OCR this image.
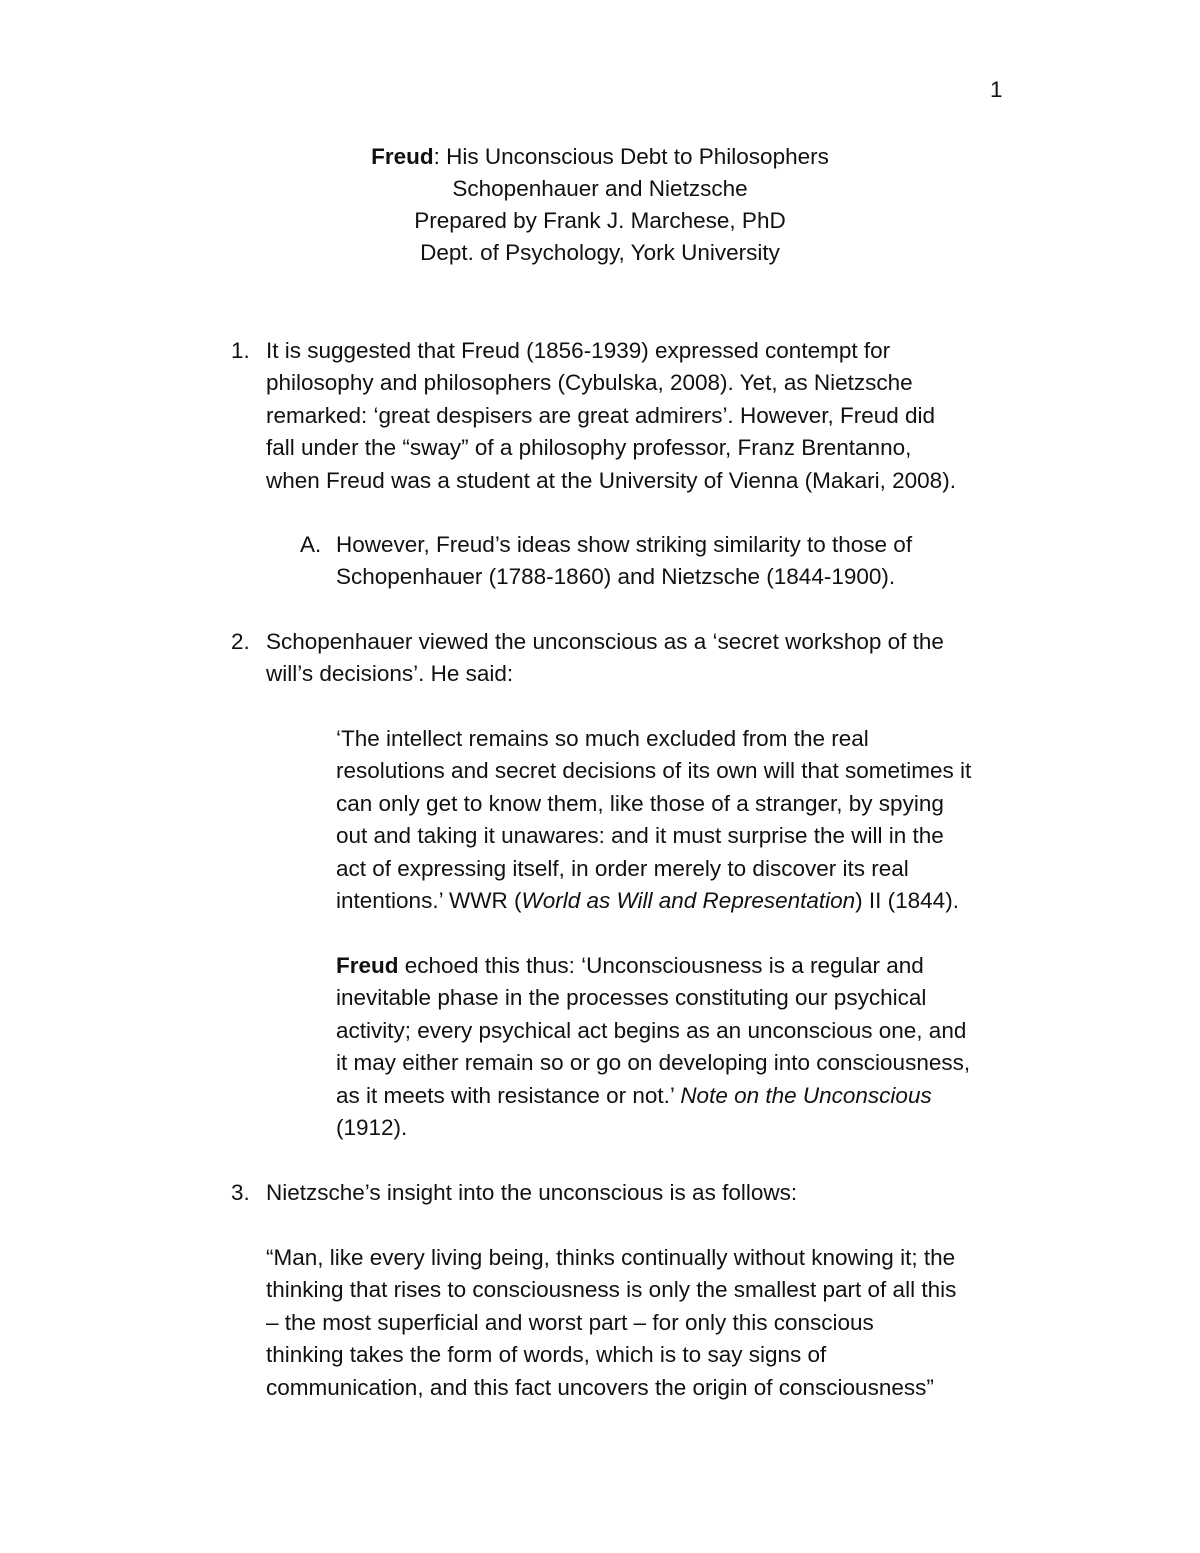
1
Freud: His Unconscious Debt to Philosophers
Schopenhauer and Nietzsche
Prepared by Frank J. Marchese, PhD
Dept. of Psychology, York University
1. It is suggested that Freud (1856-1939) expressed contempt for
philosophy and philosophers (Cybulska, 2008). Yet, as Nietzsche
remarked: ‘great despisers are great admirers’. However, Freud did
fall under the “sway” of a philosophy professor, Franz Brentanno,
when Freud was a student at the University of Vienna (Makari, 2008).
A. However, Freud’s ideas show striking similarity to those of
Schopenhauer (1788-1860) and Nietzsche (1844-1900).
2. Schopenhauer viewed the unconscious as a ‘secret workshop of the
will’s decisions’. He said:
‘The intellect remains so much excluded from the real
resolutions and secret decisions of its own will that sometimes it
can only get to know them, like those of a stranger, by spying
out and taking it unawares: and it must surprise the will in the
act of expressing itself, in order merely to discover its real
intentions.’ WWR (World as Will and Representation) II (1844).
Freud echoed this thus: ‘Unconsciousness is a regular and
inevitable phase in the processes constituting our psychical
activity; every psychical act begins as an unconscious one, and
it may either remain so or go on developing into consciousness,
as it meets with resistance or not.’ Note on the Unconscious
(1912).
3. Nietzsche’s insight into the unconscious is as follows:
“Man, like every living being, thinks continually without knowing it; the
thinking that rises to consciousness is only the smallest part of all this
– the most superficial and worst part – for only this conscious
thinking takes the form of words, which is to say signs of
communication, and this fact uncovers the origin of consciousness”
